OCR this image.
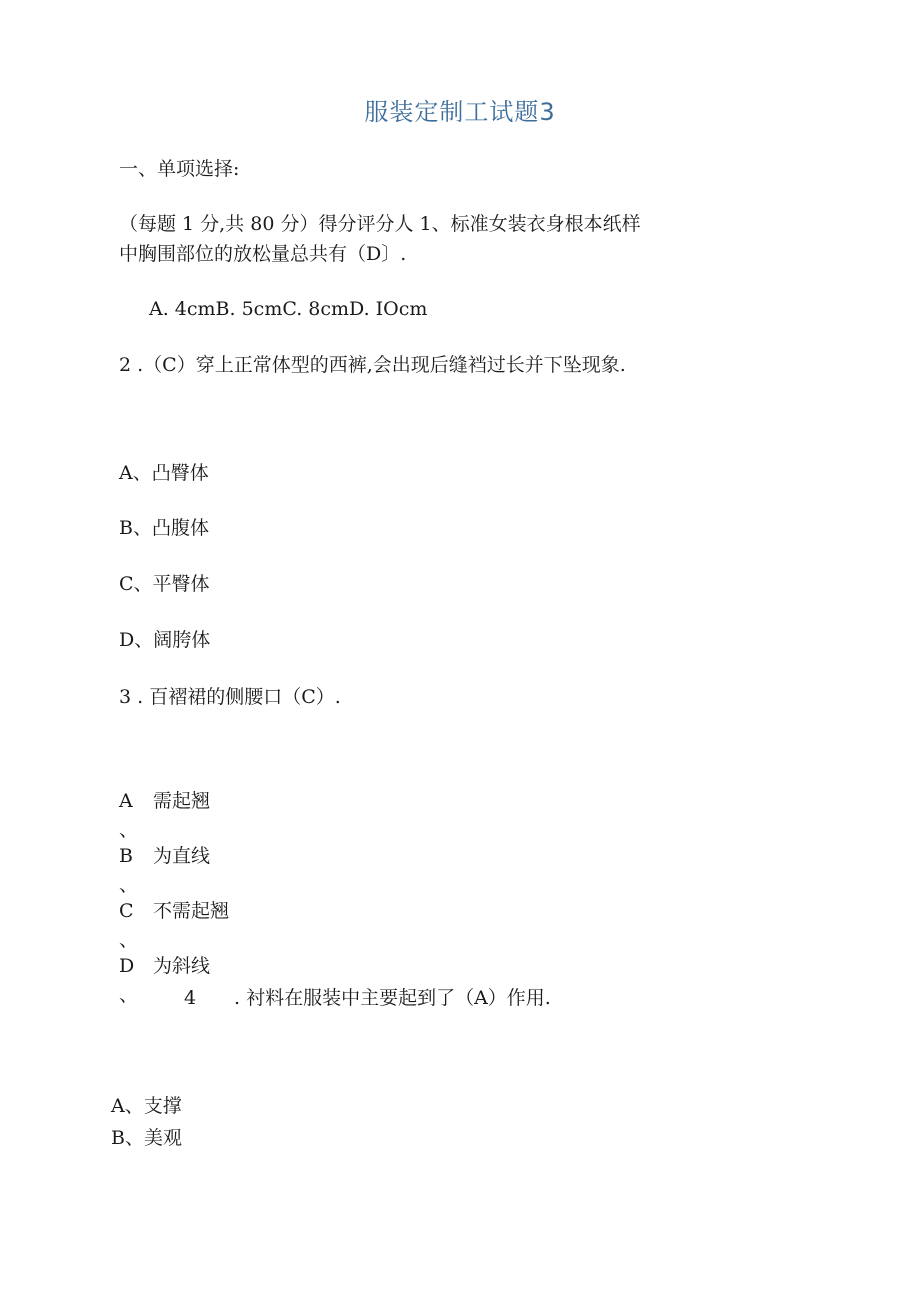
服装定制工试题3
一、单项选择:
（每题 1 分,共 80 分）得分评分人 1、标准女装衣身根本纸样
中胸围部位的放松量总共有（D〕.
A. 4cmB. 5cmC. 8cmD. IOcm
2 .（C）穿上正常体型的西裤,会出现后缝裆过长并下坠现象.
A、凸臀体
B、凸腹体
C、平臀体
D、阔胯体
3 . 百褶裙的侧腰口（C）.
A 需起翘
、
B 为直线
、
C 不需起翘
、
D 为斜线
、 4 . 衬料在服装中主要起到了（A）作用.
A、支撑
B、美观
